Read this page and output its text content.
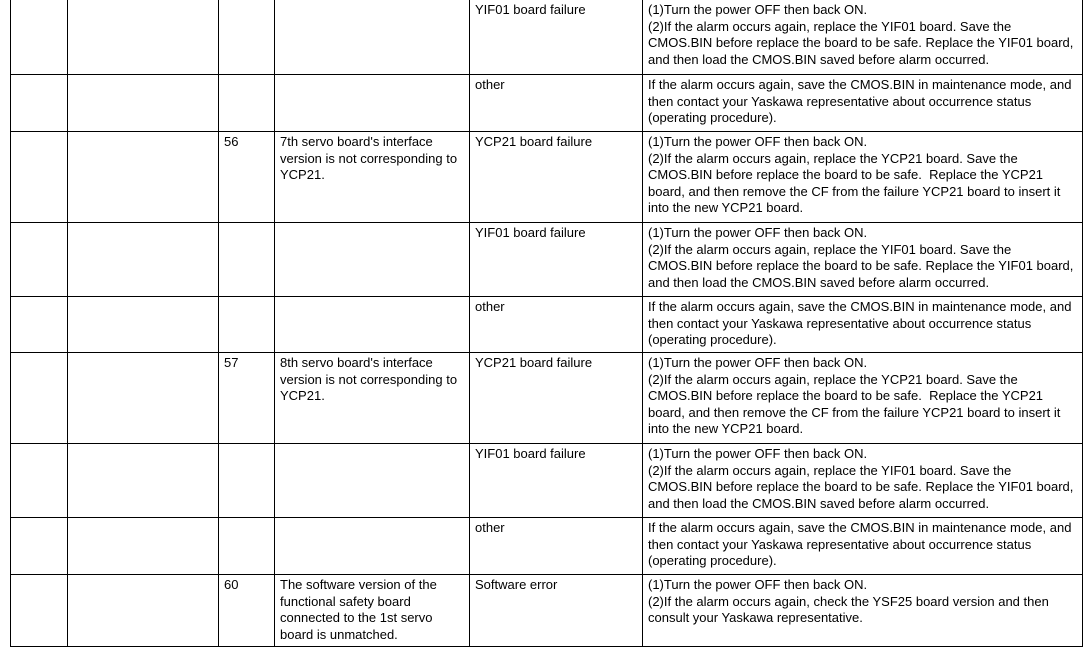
				YIF01 board failure	(1)Turn the power OFF then back ON.
(2)If the alarm occurs again, replace the YIF01 board. Save the CMOS.BIN before replace the board to be safe. Replace the YIF01 board, and then load the CMOS.BIN saved before alarm occurred.
				other	If the alarm occurs again, save the CMOS.BIN in maintenance mode, and then contact your Yaskawa representative about occurrence status (operating procedure).
		56	7th servo board's interface version is not corresponding to YCP21.	YCP21 board failure	(1)Turn the power OFF then back ON.
(2)If the alarm occurs again, replace the YCP21 board. Save the CMOS.BIN before replace the board to be safe.  Replace the YCP21 board, and then remove the CF from the failure YCP21 board to insert it into the new YCP21 board.
				YIF01 board failure	(1)Turn the power OFF then back ON.
(2)If the alarm occurs again, replace the YIF01 board. Save the CMOS.BIN before replace the board to be safe. Replace the YIF01 board, and then load the CMOS.BIN saved before alarm occurred.
				other	If the alarm occurs again, save the CMOS.BIN in maintenance mode, and then contact your Yaskawa representative about occurrence status (operating procedure).
		57	8th servo board's interface version is not corresponding to YCP21.	YCP21 board failure	(1)Turn the power OFF then back ON.
(2)If the alarm occurs again, replace the YCP21 board. Save the CMOS.BIN before replace the board to be safe.  Replace the YCP21 board, and then remove the CF from the failure YCP21 board to insert it into the new YCP21 board.
				YIF01 board failure	(1)Turn the power OFF then back ON.
(2)If the alarm occurs again, replace the YIF01 board. Save the CMOS.BIN before replace the board to be safe. Replace the YIF01 board, and then load the CMOS.BIN saved before alarm occurred.
				other	If the alarm occurs again, save the CMOS.BIN in maintenance mode, and then contact your Yaskawa representative about occurrence status (operating procedure).
		60	The software version of the functional safety board connected to the 1st servo board is unmatched.	Software error	(1)Turn the power OFF then back ON.
(2)If the alarm occurs again, check the YSF25 board version and then consult your Yaskawa representative.
